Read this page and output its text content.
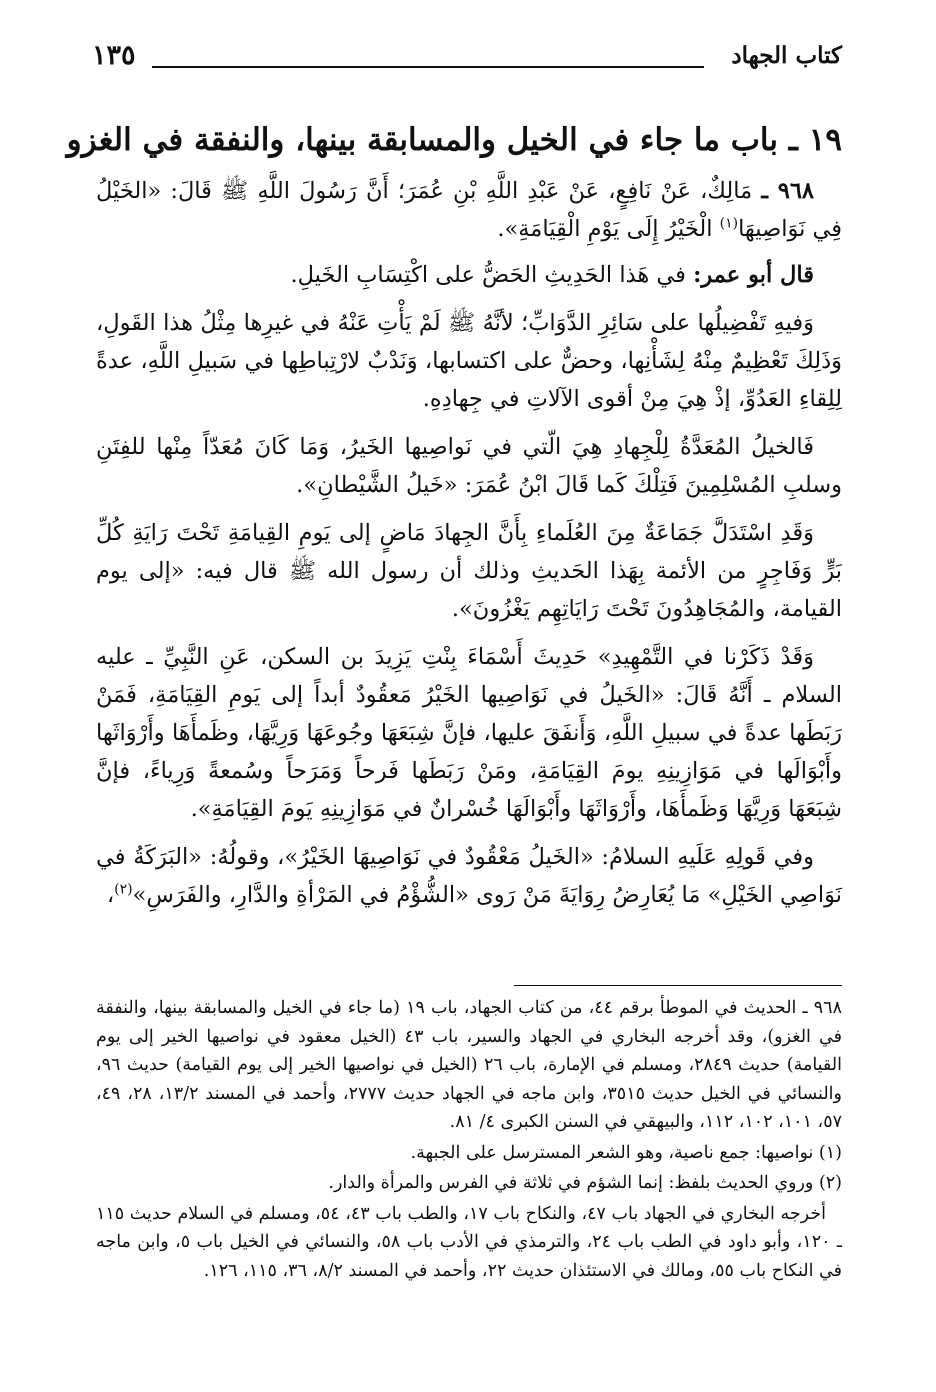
١٣٥	كتاب الجهاد
١٩ ـ باب ما جاء في الخيل والمسابقة بينها، والنفقة في الغزو

٩٦٨ ـ مَالِكٌ، عَنْ نَافِعٍ، عَنْ عَبْدِ اللَّهِ بْنِ عُمَرَ؛ أَنَّ رَسُولَ اللَّهِ ﷺ قَالَ: «الخَيْلُ فِي نَوَاصِيهَا$^{(١)}$ الْخَيْرُ إِلَى يَوْمِ الْقِيَامَةِ».

قال أبو عمر: في هَذا الحَدِيثِ الحَضُّ على اكْتِسَابِ الخَيلِ.

وَفيهِ تَفْضِيلُها على سَائِرِ الدَّوَابِّ؛ لأنَّهُ ﷺ لَمْ يَأْتِ عَنْهُ في غيرِها مِثْلُ هذا القَولِ، وَذَلِكَ تَعْظِيمٌ مِنْهُ لِشَأْنِها، وحضٌّ على اكتسابها، وَنَدْبٌ لارْتِباطِها في سَبيلِ اللَّهِ، عدةً لِلِقاءِ العَدُوِّ، إذْ هِيَ مِنْ أقوى الآلاتِ في جِهادِهِ.

فَالخيلُ المُعَدَّةُ لِلْجِهادِ هِيَ الّتي في نَواصِيها الخَيرُ، وَمَا كَانَ مُعَدّاً مِنْها للفِتَنِ وسلبِ المُسْلِمِينَ فَتِلْكَ كَما قَالَ ابْنُ عُمَرَ: «خَيلُ الشَّيْطانِ».

وَقَدِ اسْتَدَلَّ جَمَاعَةٌ مِنَ العُلَماءِ بِأَنَّ الجِهادَ مَاضٍ إلى يَومِ القِيامَةِ تَحْتَ رَايَةِ كُلِّ بَرٍّ وَفَاجِرٍ من الأئمة بِهَذا الحَديثِ وذلك أن رسول الله ﷺ قال فيه: «إلى يوم القيامة، والمُجَاهِدُونَ تَحْتَ رَايَاتِهِم يَغْزُونَ».

وَقَدْ ذَكَرْنا في التَّمْهِيدِ» حَدِيثَ أَسْمَاءَ بِنْتِ يَزِيدَ بن السكن، عَنِ النَّبِيِّ ـ عليه السلام ـ أَنَّهُ قَالَ: «الخَيلُ في نَوَاصِيها الخَيْرُ مَعقُودٌ أبداً إلى يَومِ القِيَامَةِ، فَمَنْ رَبَطَها عدةً في سبيلِ اللَّهِ، وَأَنفَقَ عليها، فإنَّ شِبَعَهَا وجُوعَهَا وَرِيَّهَا، وظَمأَهَا وأَرْوَاثَها وأَبْوَالَها في مَوَازِينِهِ يومَ القِيَامَةِ، ومَنْ رَبَطَها فَرحاً وَمَرَحاً وسُمعةً وَرِياءً، فإنَّ شِبَعَهَا وَرِيَّهَا وَظَمأَهَا، وأَرْوَاثَهَا وأَبْوَالَهَا خُسْرانٌ في مَوَازِينِهِ يَومَ القِيَامَةِ».

وفي قَولِهِ عَلَيهِ السلامُ: «الخَيلُ مَعْقُودٌ في نَوَاصِيهَا الخَيْرُ»، وقولُهُ: «البَرَكَةُ في نَوَاصِي الخَيْلِ» مَا يُعَارِضُ رِوَايَةَ مَنْ رَوى «الشُّؤْمُ في المَرْأةِ والدَّارِ، والفَرَسِ»$^{(٢)}$،

٩٦٨ ـ الحديث في الموطأ برقم ٤٤، من كتاب الجهاد، باب ١٩ (ما جاء في الخيل والمسابقة بينها، والنفقة في الغزو)، وقد أخرجه البخاري في الجهاد والسير، باب ٤٣ (الخيل معقود في نواصيها الخير إلى يوم القيامة) حديث ٢٨٤٩، ومسلم في الإمارة، باب ٢٦ (الخيل في نواصيها الخير إلى يوم القيامة) حديث ٩٦، والنسائي في الخيل حديث ٣٥١٥، وابن ماجه في الجهاد حديث ٢٧٧٧، وأحمد في المسند ١٣/٢، ٢٨، ٤٩، ٥٧، ١٠١، ١٠٢، ١١٢، والبيهقي في السنن الكبرى ٤/ ٨١.

(١) نواصيها: جمع ناصية، وهو الشعر المسترسل على الجبهة.

(٢) وروي الحديث بلفظ: إنما الشؤم في ثلاثة في الفرس والمرأة والدار.

أخرجه البخاري في الجهاد باب ٤٧، والنكاح باب ١٧، والطب باب ٤٣، ٥٤، ومسلم في السلام حديث ١١٥ ـ ١٢٠، وأبو داود في الطب باب ٢٤، والترمذي في الأدب باب ٥٨، والنسائي في الخيل باب ٥، وابن ماجه في النكاح باب ٥٥، ومالك في الاستئذان حديث ٢٢، وأحمد في المسند ٨/٢، ٣٦، ١١٥، ١٢٦.
